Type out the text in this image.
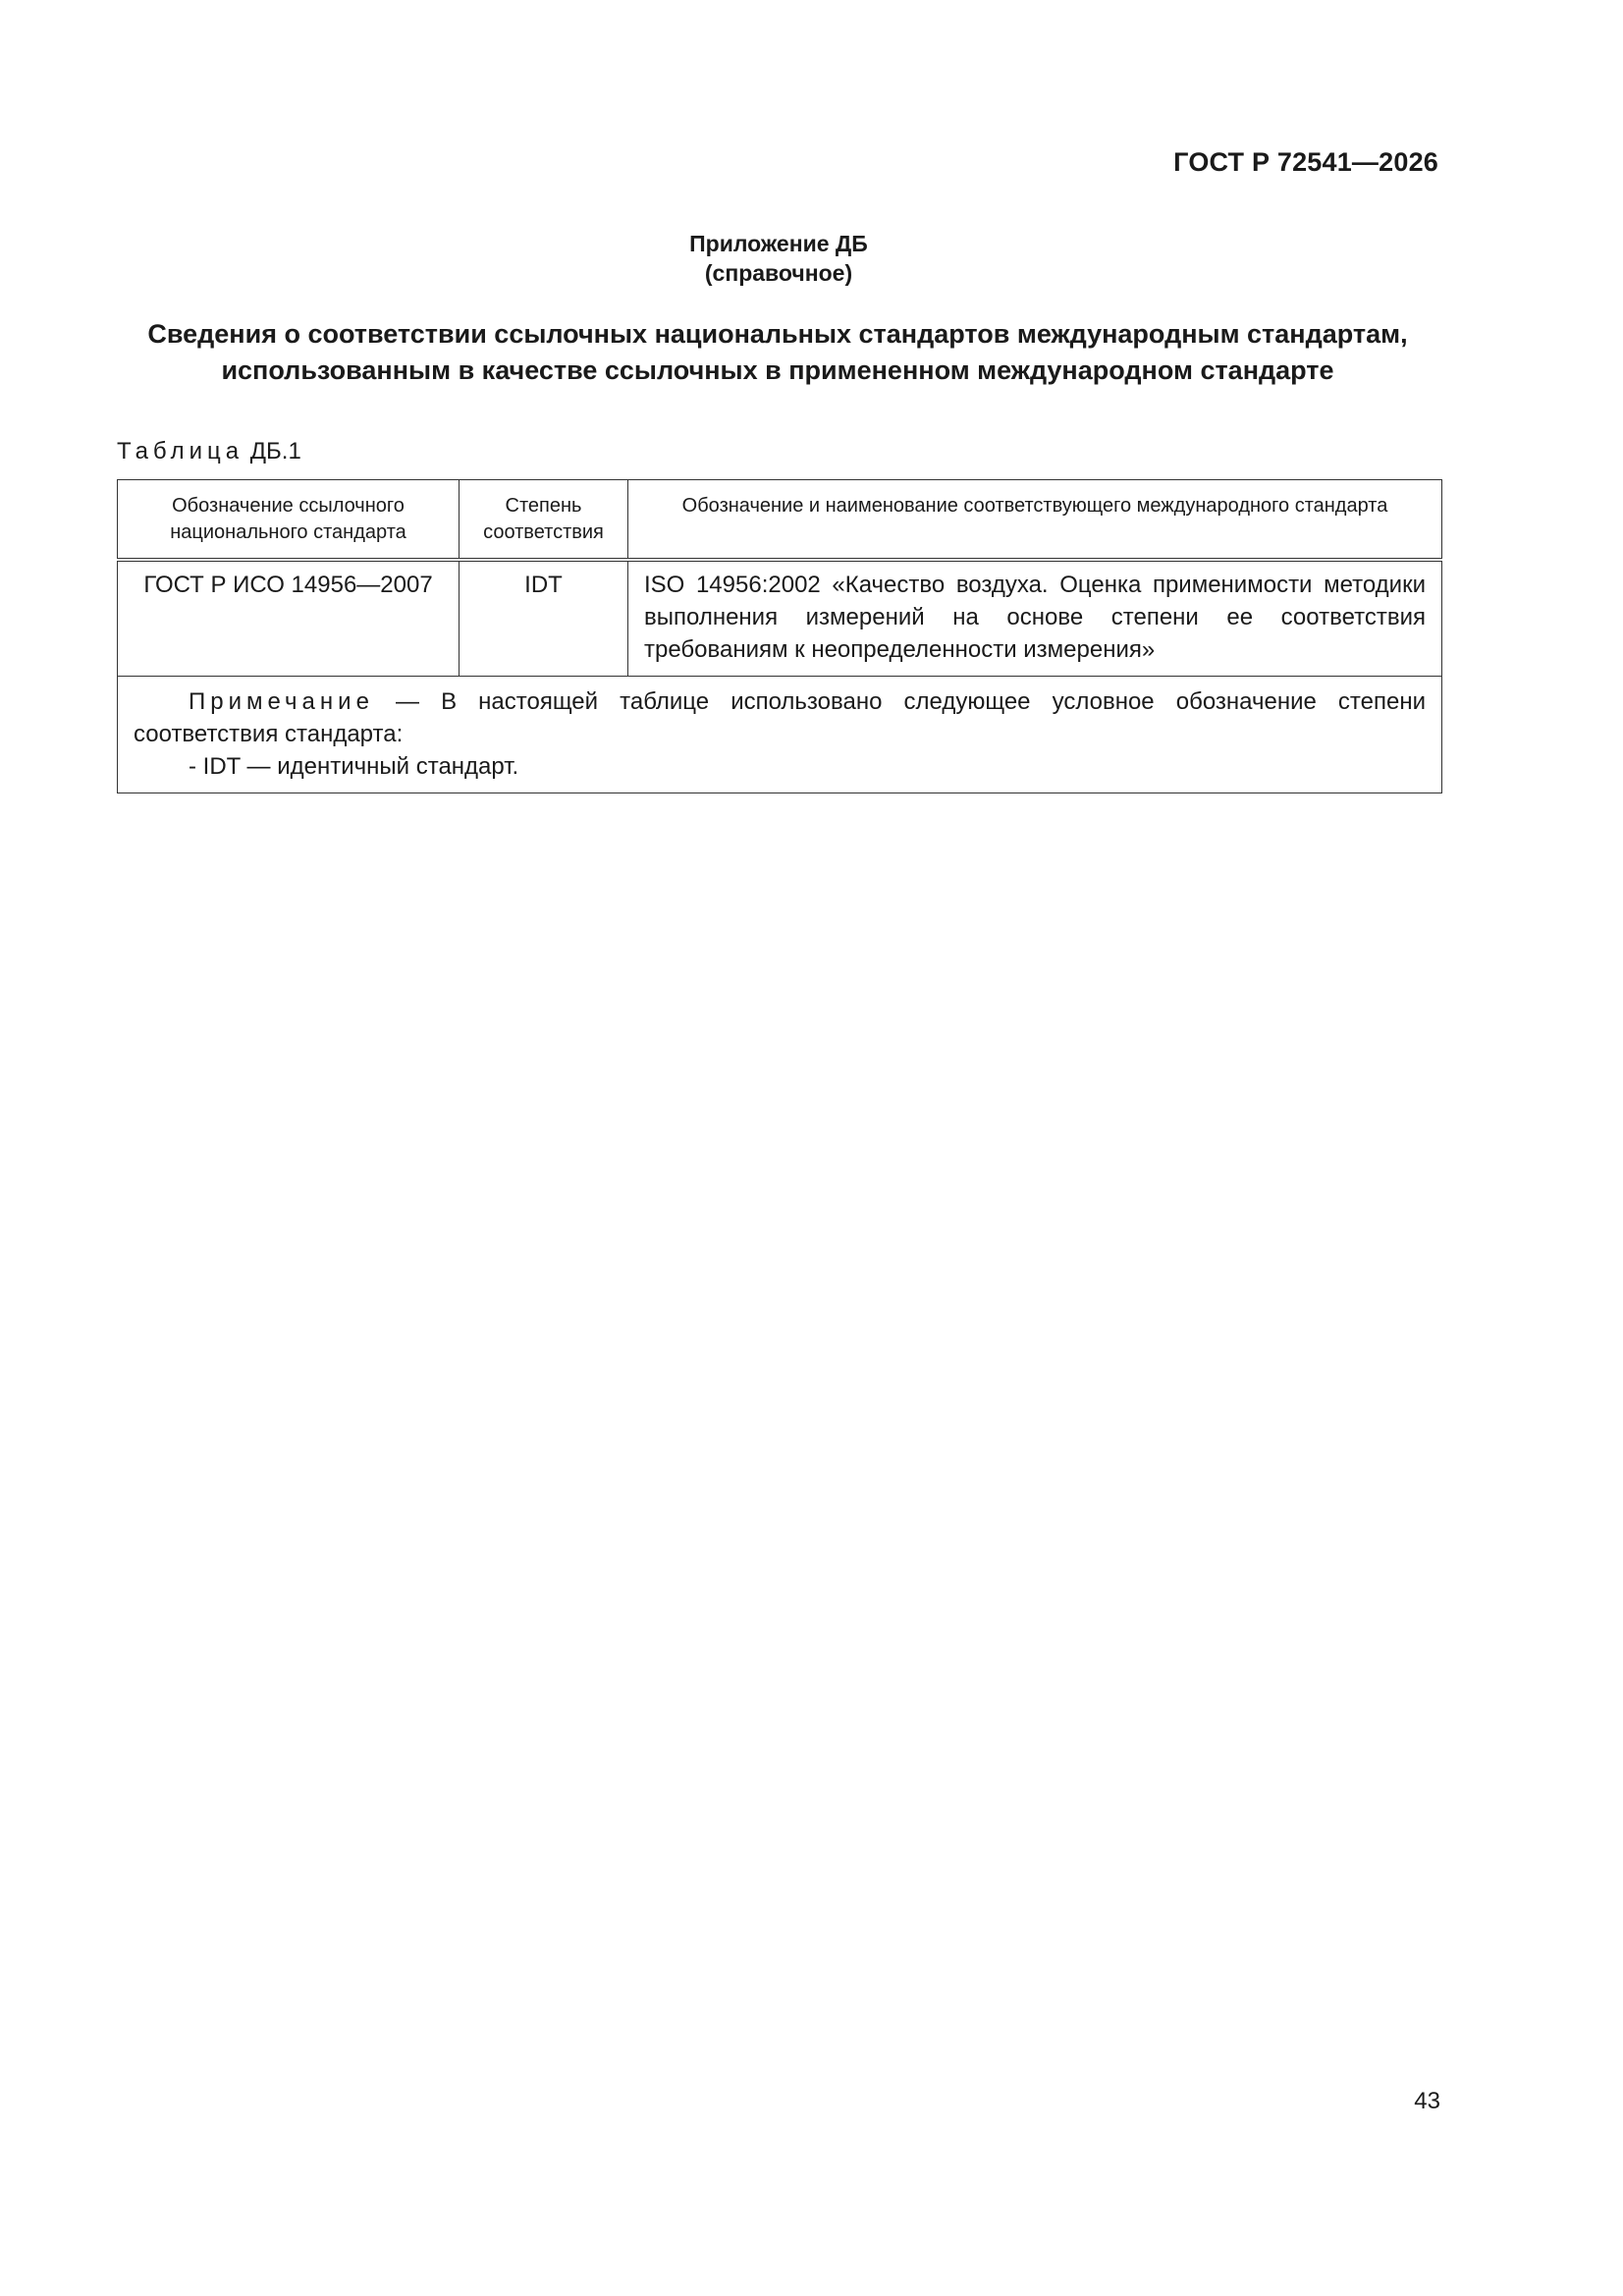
ГОСТ Р 72541—2026
Приложение ДБ
(справочное)
Сведения о соответствии ссылочных национальных стандартов международным стандартам,
использованным в качестве ссылочных в примененном международном стандарте
Таблица ДБ.1
Обозначение ссылочного национального стандарта	Степень соответствия	Обозначение и наименование соответствующего международного стандарта
ГОСТ Р ИСО 14956—2007	IDT	ISO 14956:2002 «Качество воздуха. Оценка применимости методики выполнения измерений на основе степени ее соответствия требованиям к неопределенности измерения»

Примечание — В настоящей таблице использовано следующее условное обозначение степени соответствия стандарта:
- IDT — идентичный стандарт.		
43
